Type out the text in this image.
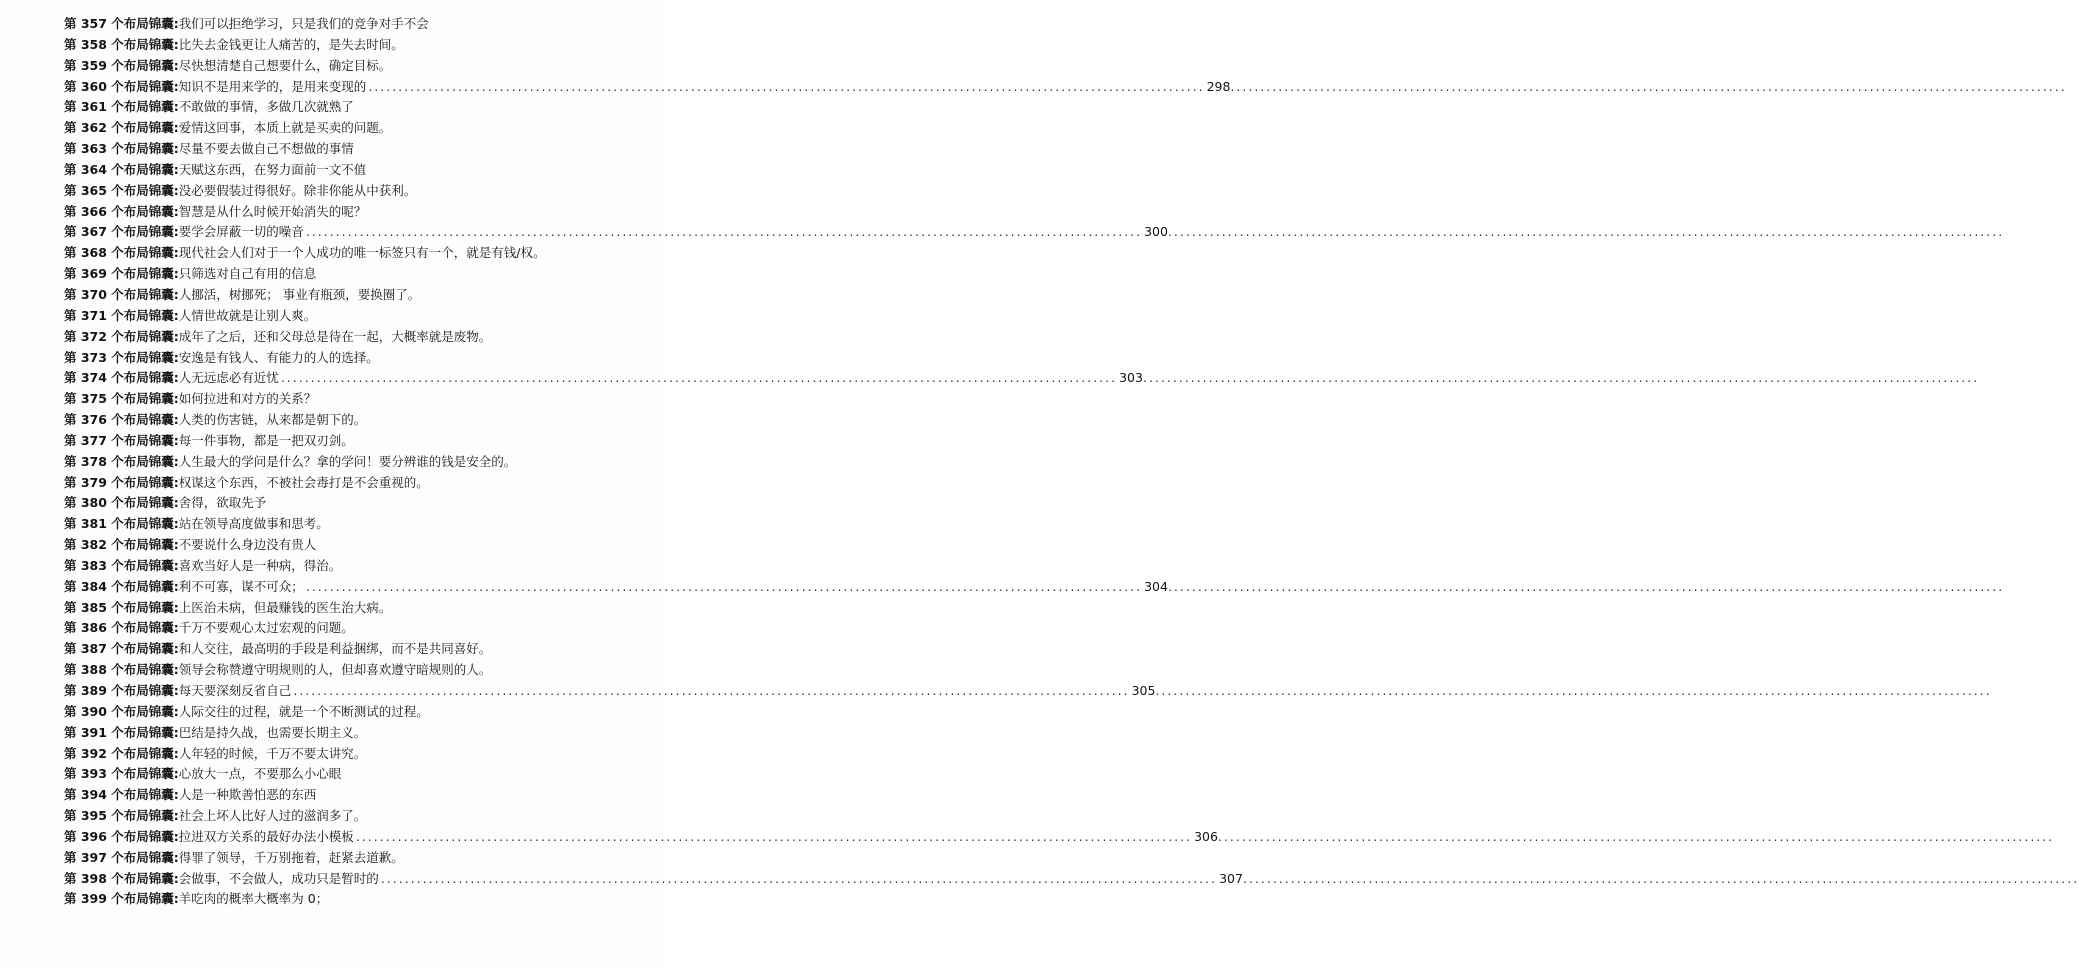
第 357 个布局锦囊: 我们可以拒绝学习，只是我们的竞争对手不会
第 358 个布局锦囊: 比失去金钱更让人痛苦的，是失去时间。
第 359 个布局锦囊: 尽快想清楚自己想要什么，确定目标。
第 360 个布局锦囊: 知识不是用来学的，是用来变现的 .....	298
.....
第 361 个布局锦囊: 不敢做的事情，多做几次就熟了
第 362 个布局锦囊: 爱情这回事，本质上就是买卖的问题。
第 363 个布局锦囊: 尽量不要去做自己不想做的事情
第 364 个布局锦囊: 天赋这东西，在努力面前一文不值
第 365 个布局锦囊: 没必要假装过得很好。除非你能从中获利。
第 366 个布局锦囊: 智慧是从什么时候开始消失的呢？
第 367 个布局锦囊: 要学会屏蔽一切的噪音 .....	300
.....
第 368 个布局锦囊:现代社会人们对于一个人成功的唯一标签只有一个，就是有钱/权。
第 369 个布局锦囊: 只筛选对自己有用的信息
第 370 个布局锦囊: 人挪活，树挪死； 事业有瓶颈，要换圈了。
第 371 个布局锦囊: 人情世故就是让别人爽。
第 372 个布局锦囊: 成年了之后，还和父母总是待在一起，大概率就是废物。
第 373 个布局锦囊: 安逸是有钱人、有能力的人的选择。
第 374 个布局锦囊: 人无远虑必有近忧 .....	303
.....
第 375 个布局锦囊: 如何拉进和对方的关系？
第 376 个布局锦囊: 人类的伤害链，从来都是朝下的。
第 377 个布局锦囊: 每一件事物，都是一把双刃剑。
第 378 个布局锦囊: 人生最大的学问是什么？拿的学问！要分辨谁的钱是安全的。
第 379 个布局锦囊: 权谋这个东西，不被社会毒打是不会重视的。
第 380 个布局锦囊: 舍得，欲取先予
第 381 个布局锦囊: 站在领导高度做事和思考。
第 382 个布局锦囊: 不要说什么身边没有贵人
第 383 个布局锦囊: 喜欢当好人是一种病，得治。
第 384 个布局锦囊: 利不可寡，谋不可众； .....	304
.....
第 385 个布局锦囊: 上医治未病，但最赚钱的医生治大病。
第 386 个布局锦囊: 千万不要观心太过宏观的问题。
第 387 个布局锦囊: 和人交往，最高明的手段是利益捆绑，而不是共同喜好。
第 388 个布局锦囊: 领导会称赞遵守明规则的人，但却喜欢遵守暗规则的人。
第 389 个布局锦囊: 每天要深刻反省自己 .....	305
.....
第 390 个布局锦囊: 人际交往的过程，就是一个不断测试的过程。
第 391 个布局锦囊: 巴结是持久战，也需要长期主义。
第 392 个布局锦囊: 人年轻的时候，千万不要太讲究。
第 393 个布局锦囊: 心放大一点，不要那么小心眼
第 394 个布局锦囊: 人是一种欺善怕恶的东西
第 395 个布局锦囊: 社会上坏人比好人过的滋润多了。
第 396 个布局锦囊: 拉进双方关系的最好办法小模板 .....	306
.....
第 397 个布局锦囊: 得罪了领导，千万别拖着，赶紧去道歉。
第 398 个布局锦囊: 会做事，不会做人，成功只是暂时的 .....	307
.....
第 399 个布局锦囊: 羊吃肉的概率大概率为 0；
